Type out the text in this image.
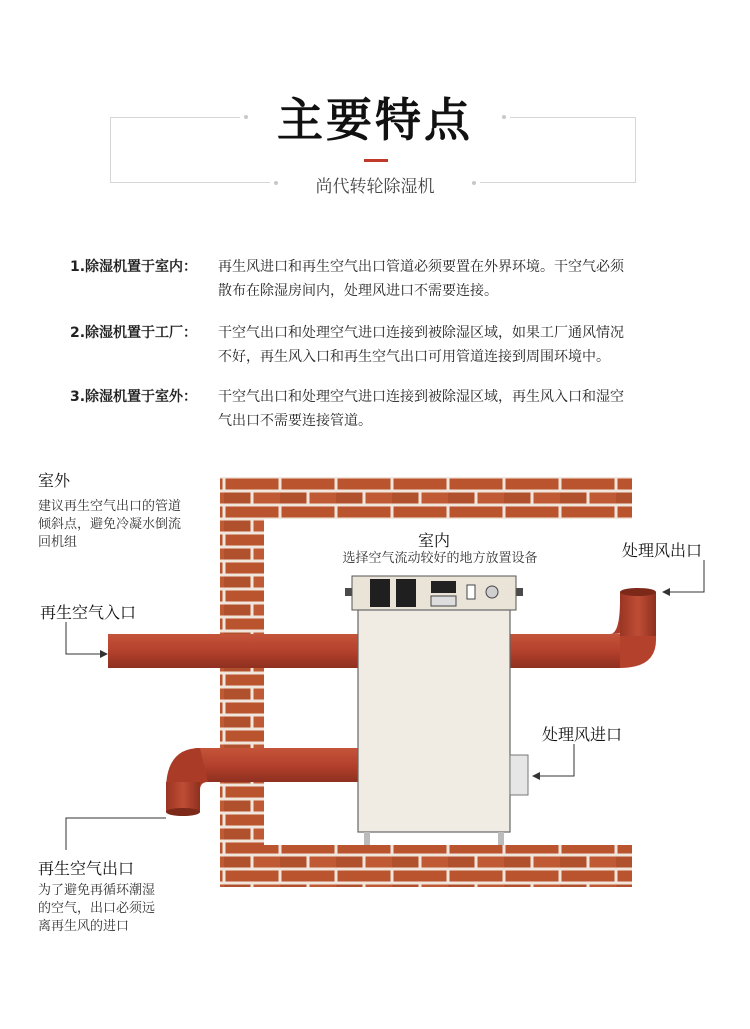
主要特点
尚代转轮除湿机
1.除湿机置于室内： 再生风进口和再生空气出口管道必须要置在外界环境。干空气必须
散布在除湿房间内，处理风进口不需要连接。
2.除湿机置于工厂： 干空气出口和处理空气进口连接到被除湿区域，如果工厂通风情况
不好，再生风入口和再生空气出口可用管道连接到周围环境中。
3.除湿机置于室外： 干空气出口和处理空气进口连接到被除湿区域，再生风入口和湿空
气出口不需要连接管道。
室外
建议再生空气出口的管道
倾斜点，避免冷凝水倒流
回机组	室内
选择空气流动较好的地方放置设备
再生空气入口
处理风出口
处理风进口
再生空气出口
为了避免再循环潮湿
的空气，出口必须远
离再生风的进口
